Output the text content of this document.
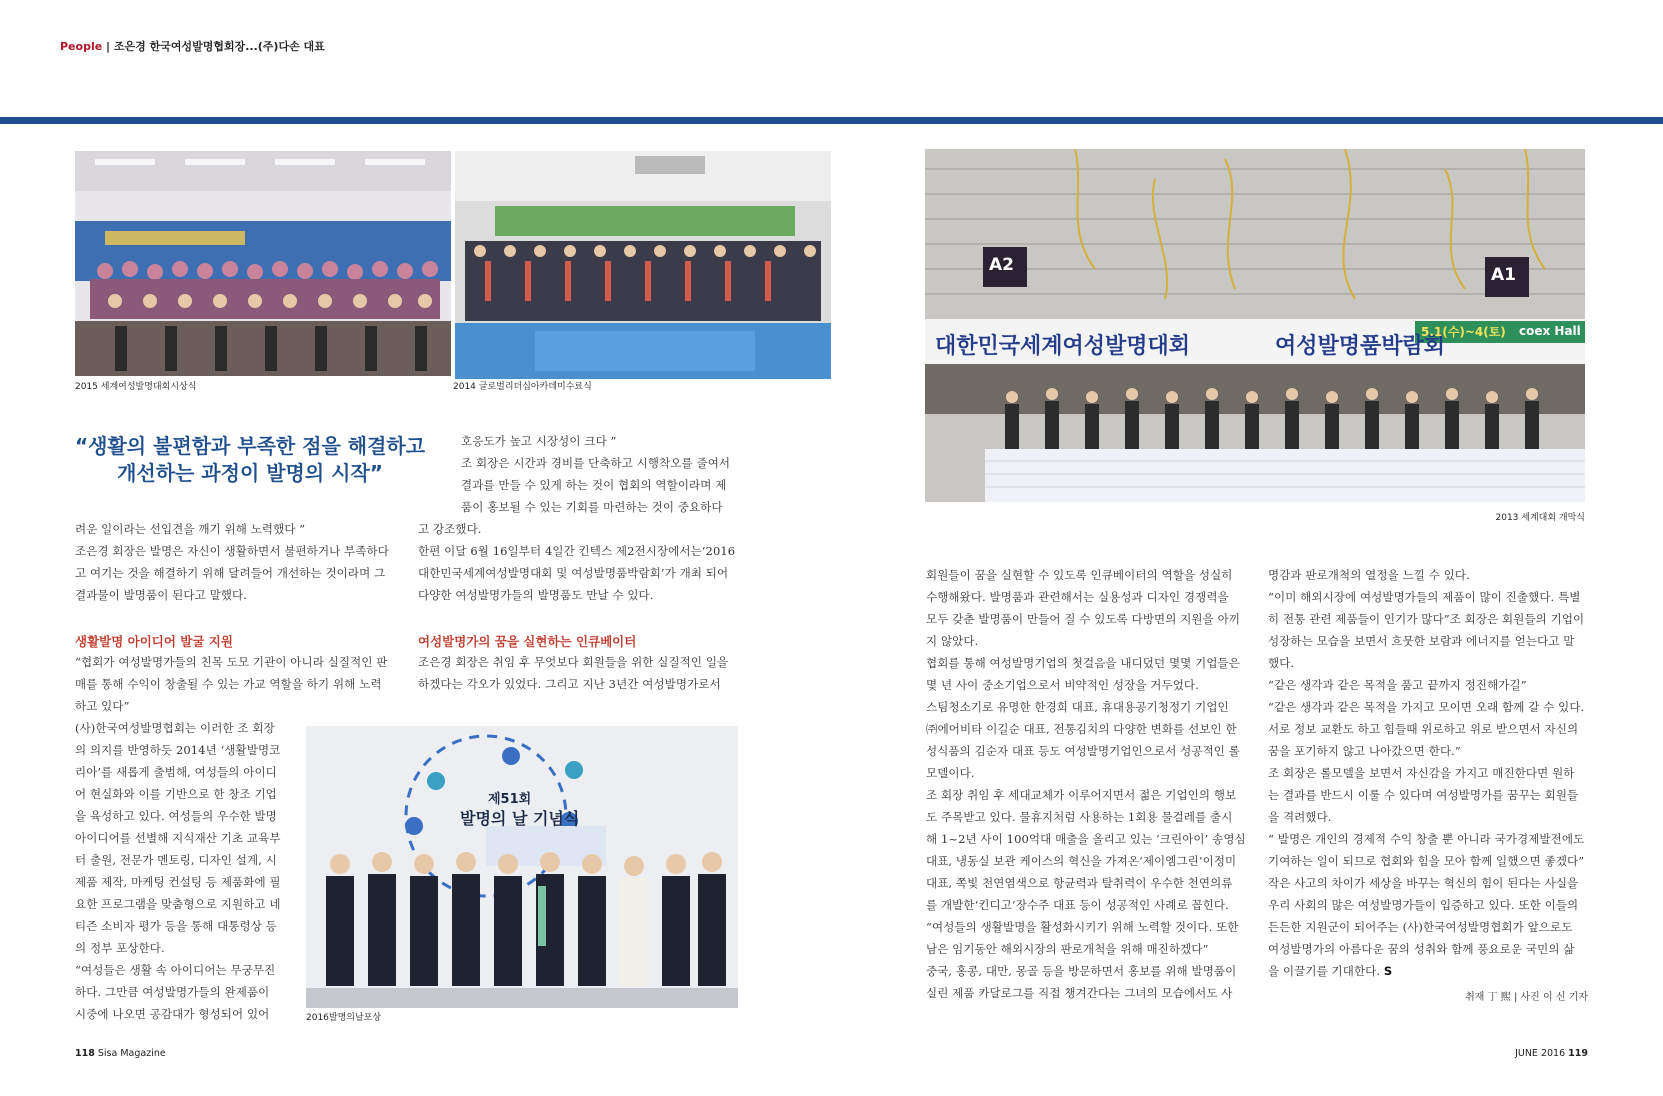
People | 조은경 한국여성발명협회장...(주)다손 대표
2015 세계여성발명대회시상식	2014 글로벌리더십아카데미수료식
A2	A1
대한민국세계여성발명대회	여성발명품박람회
5.1(수)~4(토) coex Hall
2013 세계대회 개막식
“생활의 불편함과 부족한 점을 해결하고
개선하는 과정이 발명의 시작”

려운 일이라는 선입견을 깨기 위해 노력했다 ”

조은경 회장은 발명은 자신이 생활하면서 불편하거나 부족하다

고 여기는 것을 해결하기 위해 달려들어 개선하는 것이라며 그

결과물이 발명품이 된다고 말했다.

생활발명 아이디어 발굴 지원

“협회가 여성발명가들의 친목 도모 기관이 아니라 실질적인 판

매를 통해 수익이 창출될 수 있는 가교 역할을 하기 위해 노력

하고 있다”

(사)한국여성발명협회는 이러한 조 회장

의 의지를 반영하듯 2014년 ‘생활발명코

리아’를 새롭게 출범해, 여성들의 아이디

어 현실화와 이를 기반으로 한 창조 기업

을 육성하고 있다. 여성들의 우수한 발명

아이디어를 선별해 지식재산 기초 교육부

터 출원, 전문가 멘토링, 디자인 설계, 시

제품 제작, 마케팅 컨설팅 등 제품화에 필

요한 프로그램을 맞춤형으로 지원하고 네

티즌 소비자 평가 등을 통해 대통령상 등

의 정부 포상한다.

“여성들은 생활 속 아이디어는 무궁무진

하다. 그만큼 여성발명가들의 완제품이

시중에 나오면 공감대가 형성되어 있어

호응도가 높고 시장성이 크다 ”

조 회장은 시간과 경비를 단축하고 시행착오를 줄여서

결과를 만들 수 있게 하는 것이 협회의 역할이라며 제

품이 홍보될 수 있는 기회를 마련하는 것이 중요하다

고 강조했다.

한편 이달 6월 16일부터 4일간 킨텍스 제2전시장에서는‘2016

대한민국세계여성발명대회 및 여성발명품박람회’가 개최 되어

다양한 여성발명가들의 발명품도 만날 수 있다.

여성발명가의 꿈을 실현하는 인큐베이터

조은경 회장은 취임 후 무엇보다 회원들을 위한 실질적인 일을

하겠다는 각오가 있었다. 그리고 지난 3년간 여성발명가로서

제51회
발명의 날 기념식
2016발명의날포상

회원들이 꿈을 실현할 수 있도록 인큐베이터의 역할을 성실히

수행해왔다. 발명품과 관련해서는 실용성과 디자인 경쟁력을

모두 갖춘 발명품이 만들어 질 수 있도록 다방면의 지원을 아끼

지 않았다.

협회를 통해 여성발명기업의 첫걸음을 내디뎠던 몇몇 기업들은

몇 년 사이 중소기업으로서 비약적인 성장을 거두었다.

스팀청소기로 유명한 한경희 대표, 휴대용공기청정기 기업인

㈜에어비타 이길순 대표, 전통김치의 다양한 변화를 선보인 한

성식품의 김순자 대표 등도 여성발명기업인으로서 성공적인 롤

모델이다.

조 회장 취임 후 세대교체가 이루어지면서 젊은 기업인의 행보

도 주목받고 있다. 물휴지처럼 사용하는 1회용 물걸레를 출시

해 1~2년 사이 100억대 매출을 올리고 있는 ‘크린아이’ 송영심

대표, 냉동실 보관 케이스의 혁신을 가져온‘제이엠그린’이정미

대표, 쪽빛 천연염색으로 항균력과 탈취력이 우수한 천연의류

를 개발한‘킨디고’장수주 대표 등이 성공적인 사례로 꼽힌다.

“여성들의 생활발명을 활성화시키기 위해 노력할 것이다. 또한

남은 임기동안 해외시장의 판로개척을 위해 매진하겠다”

중국, 홍콩, 대만, 몽골 등을 방문하면서 홍보를 위해 발명품이

실린 제품 카달로그를 직접 챙겨간다는 그녀의 모습에서도 사

명감과 판로개척의 열정을 느낄 수 있다.

“이미 해외시장에 여성발명가들의 제품이 많이 진출했다. 특별

히 전통 관련 제품들이 인기가 많다”조 회장은 회원들의 기업이

성장하는 모습을 보면서 흐뭇한 보람과 에너지를 얻는다고 말

했다.

“같은 생각과 같은 목적을 품고 끝까지 정진해가길”

“같은 생각과 같은 목적을 가지고 모이면 오래 함께 갈 수 있다.

서로 정보 교환도 하고 힘들때 위로하고 위로 받으면서 자신의

꿈을 포기하지 않고 나아갔으면 한다.”

조 회장은 롤모델을 보면서 자신감을 가지고 매진한다면 원하

는 결과를 반드시 이룰 수 있다며 여성발명가를 꿈꾸는 회원들

을 격려했다.

“ 발명은 개인의 경제적 수익 창출 뿐 아니라 국가경제발전에도

기여하는 일이 되므로 협회와 힘을 모아 함께 일했으면 좋겠다”

작은 사고의 차이가 세상을 바꾸는 혁신의 힘이 된다는 사실을

우리 사회의 많은 여성발명가들이 입증하고 있다. 또한 이들의

든든한 지원군이 되어주는 (사)한국여성발명협회가 앞으로도

여성발명가의 아름다운 꿈의 성취와 함께 풍요로운 국민의 삶

을 이끌기를 기대한다. S

취재 丁 熙 | 사진 이 신 기자
118 Sisa Magazine	JUNE 2016 119
